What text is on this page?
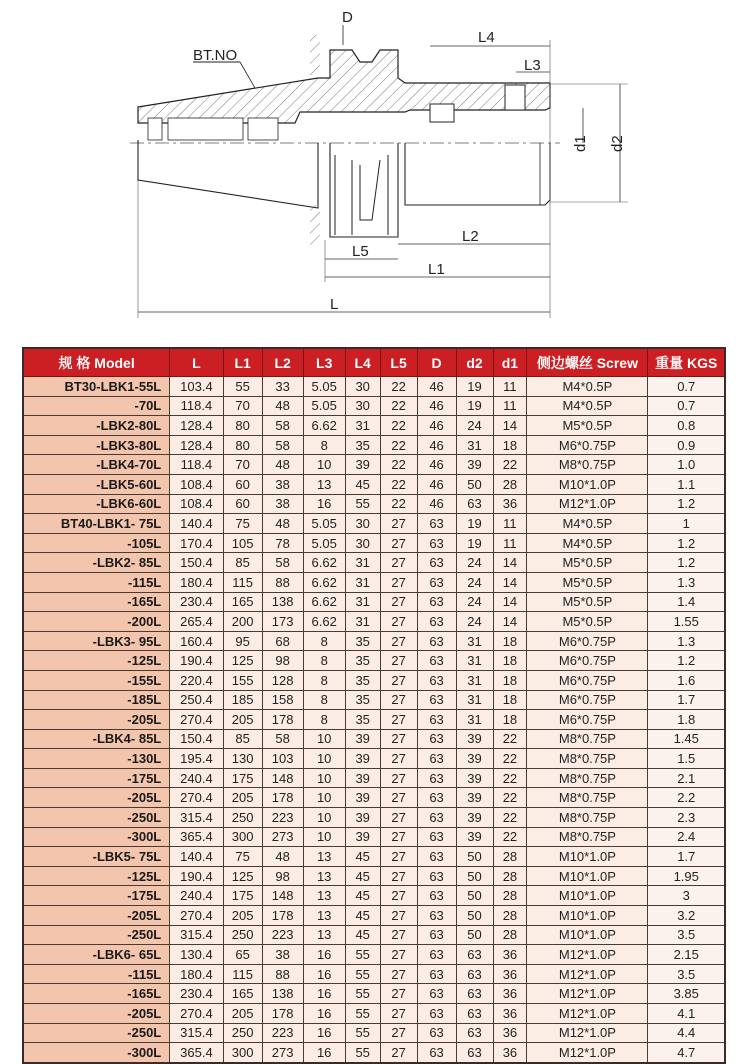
BT.NO
D
L4
L3
L2
L5
L1
L
d1 d2
规 格 Model	L	L1	L2	L3	L4	L5	D	d2	d1	侧边螺丝 Screw	重量 KGS
BT30-LBK1-55L	103.4	55	33	5.05	30	22	46	19	11	M4*0.5P	0.7
-70L	118.4	70	48	5.05	30	22	46	19	11	M4*0.5P	0.7
-LBK2-80L	128.4	80	58	6.62	31	22	46	24	14	M5*0.5P	0.8
-LBK3-80L	128.4	80	58	8	35	22	46	31	18	M6*0.75P	0.9
-LBK4-70L	118.4	70	48	10	39	22	46	39	22	M8*0.75P	1.0
-LBK5-60L	108.4	60	38	13	45	22	46	50	28	M10*1.0P	1.1
-LBK6-60L	108.4	60	38	16	55	22	46	63	36	M12*1.0P	1.2
BT40-LBK1- 75L	140.4	75	48	5.05	30	27	63	19	11	M4*0.5P	1
-105L	170.4	105	78	5.05	30	27	63	19	11	M4*0.5P	1.2
-LBK2- 85L	150.4	85	58	6.62	31	27	63	24	14	M5*0.5P	1.2
-115L	180.4	115	88	6.62	31	27	63	24	14	M5*0.5P	1.3
-165L	230.4	165	138	6.62	31	27	63	24	14	M5*0.5P	1.4
-200L	265.4	200	173	6.62	31	27	63	24	14	M5*0.5P	1.55
-LBK3- 95L	160.4	95	68	8	35	27	63	31	18	M6*0.75P	1.3
-125L	190.4	125	98	8	35	27	63	31	18	M6*0.75P	1.2
-155L	220.4	155	128	8	35	27	63	31	18	M6*0.75P	1.6
-185L	250.4	185	158	8	35	27	63	31	18	M6*0.75P	1.7
-205L	270.4	205	178	8	35	27	63	31	18	M6*0.75P	1.8
-LBK4- 85L	150.4	85	58	10	39	27	63	39	22	M8*0.75P	1.45
-130L	195.4	130	103	10	39	27	63	39	22	M8*0.75P	1.5
-175L	240.4	175	148	10	39	27	63	39	22	M8*0.75P	2.1
-205L	270.4	205	178	10	39	27	63	39	22	M8*0.75P	2.2
-250L	315.4	250	223	10	39	27	63	39	22	M8*0.75P	2.3
-300L	365.4	300	273	10	39	27	63	39	22	M8*0.75P	2.4
-LBK5- 75L	140.4	75	48	13	45	27	63	50	28	M10*1.0P	1.7
-125L	190.4	125	98	13	45	27	63	50	28	M10*1.0P	1.95
-175L	240.4	175	148	13	45	27	63	50	28	M10*1.0P	3
-205L	270.4	205	178	13	45	27	63	50	28	M10*1.0P	3.2
-250L	315.4	250	223	13	45	27	63	50	28	M10*1.0P	3.5
-LBK6- 65L	130.4	65	38	16	55	27	63	63	36	M12*1.0P	2.15
-115L	180.4	115	88	16	55	27	63	63	36	M12*1.0P	3.5
-165L	230.4	165	138	16	55	27	63	63	36	M12*1.0P	3.85
-205L	270.4	205	178	16	55	27	63	63	36	M12*1.0P	4.1
-250L	315.4	250	223	16	55	27	63	63	36	M12*1.0P	4.4
-300L	365.4	300	273	16	55	27	63	63	36	M12*1.0P	4.7
